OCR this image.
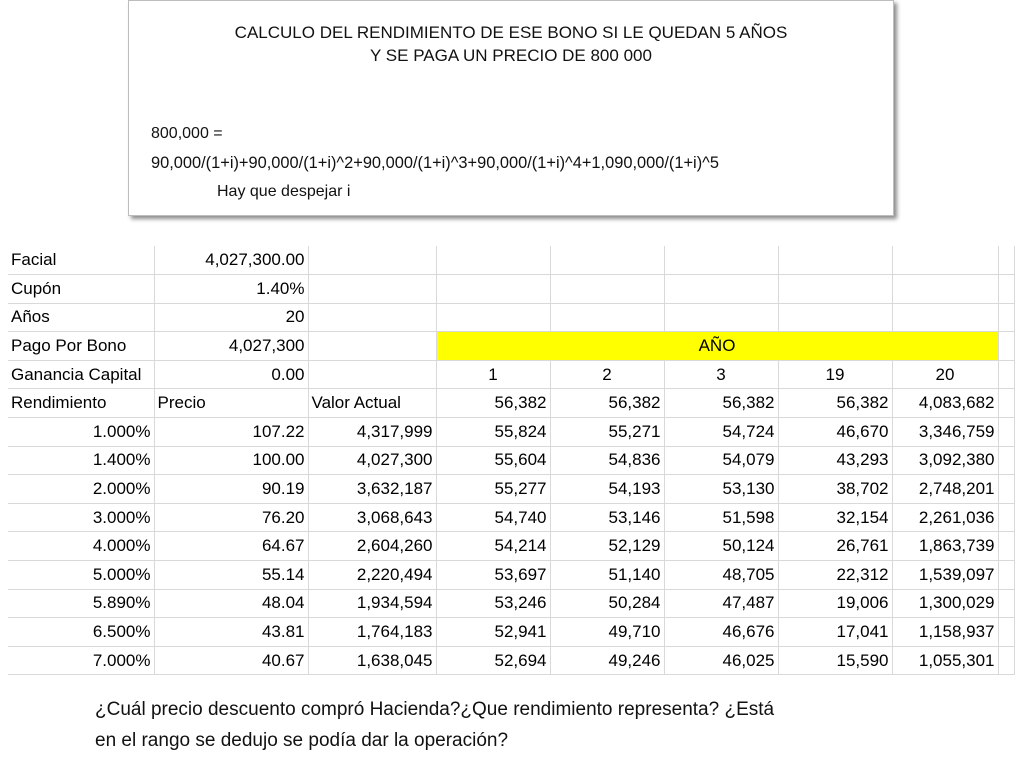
CALCULO DEL RENDIMIENTO DE ESE BONO SI LE QUEDAN 5 AÑOS
Y SE PAGA UN PRECIO DE 800 000
800,000 =
90,000/(1+i)+90,000/(1+i)^2+90,000/(1+i)^3+90,000/(1+i)^4+1,090,000/(1+i)^5
Hay que despejar i
Facial	4,027,300.00							
Cupón	1.40%							
Años	20							
Pago Por Bono	4,027,300		AÑO					
Ganancia Capital	0.00		1	2	3	19	20	
Rendimiento	Precio	Valor Actual	56,382	56,382	56,382	56,382	4,083,682	
1.000%	107.22	4,317,999	55,824	55,271	54,724	46,670	3,346,759	
1.400%	100.00	4,027,300	55,604	54,836	54,079	43,293	3,092,380	
2.000%	90.19	3,632,187	55,277	54,193	53,130	38,702	2,748,201	
3.000%	76.20	3,068,643	54,740	53,146	51,598	32,154	2,261,036	
4.000%	64.67	2,604,260	54,214	52,129	50,124	26,761	1,863,739	
5.000%	55.14	2,220,494	53,697	51,140	48,705	22,312	1,539,097	
5.890%	48.04	1,934,594	53,246	50,284	47,487	19,006	1,300,029	
6.500%	43.81	1,764,183	52,941	49,710	46,676	17,041	1,158,937	
7.000%	40.67	1,638,045	52,694	49,246	46,025	15,590	1,055,301	
¿Cuál precio descuento compró Hacienda?¿Que rendimiento representa? ¿Está
en el rango se dedujo se podía dar la operación?
